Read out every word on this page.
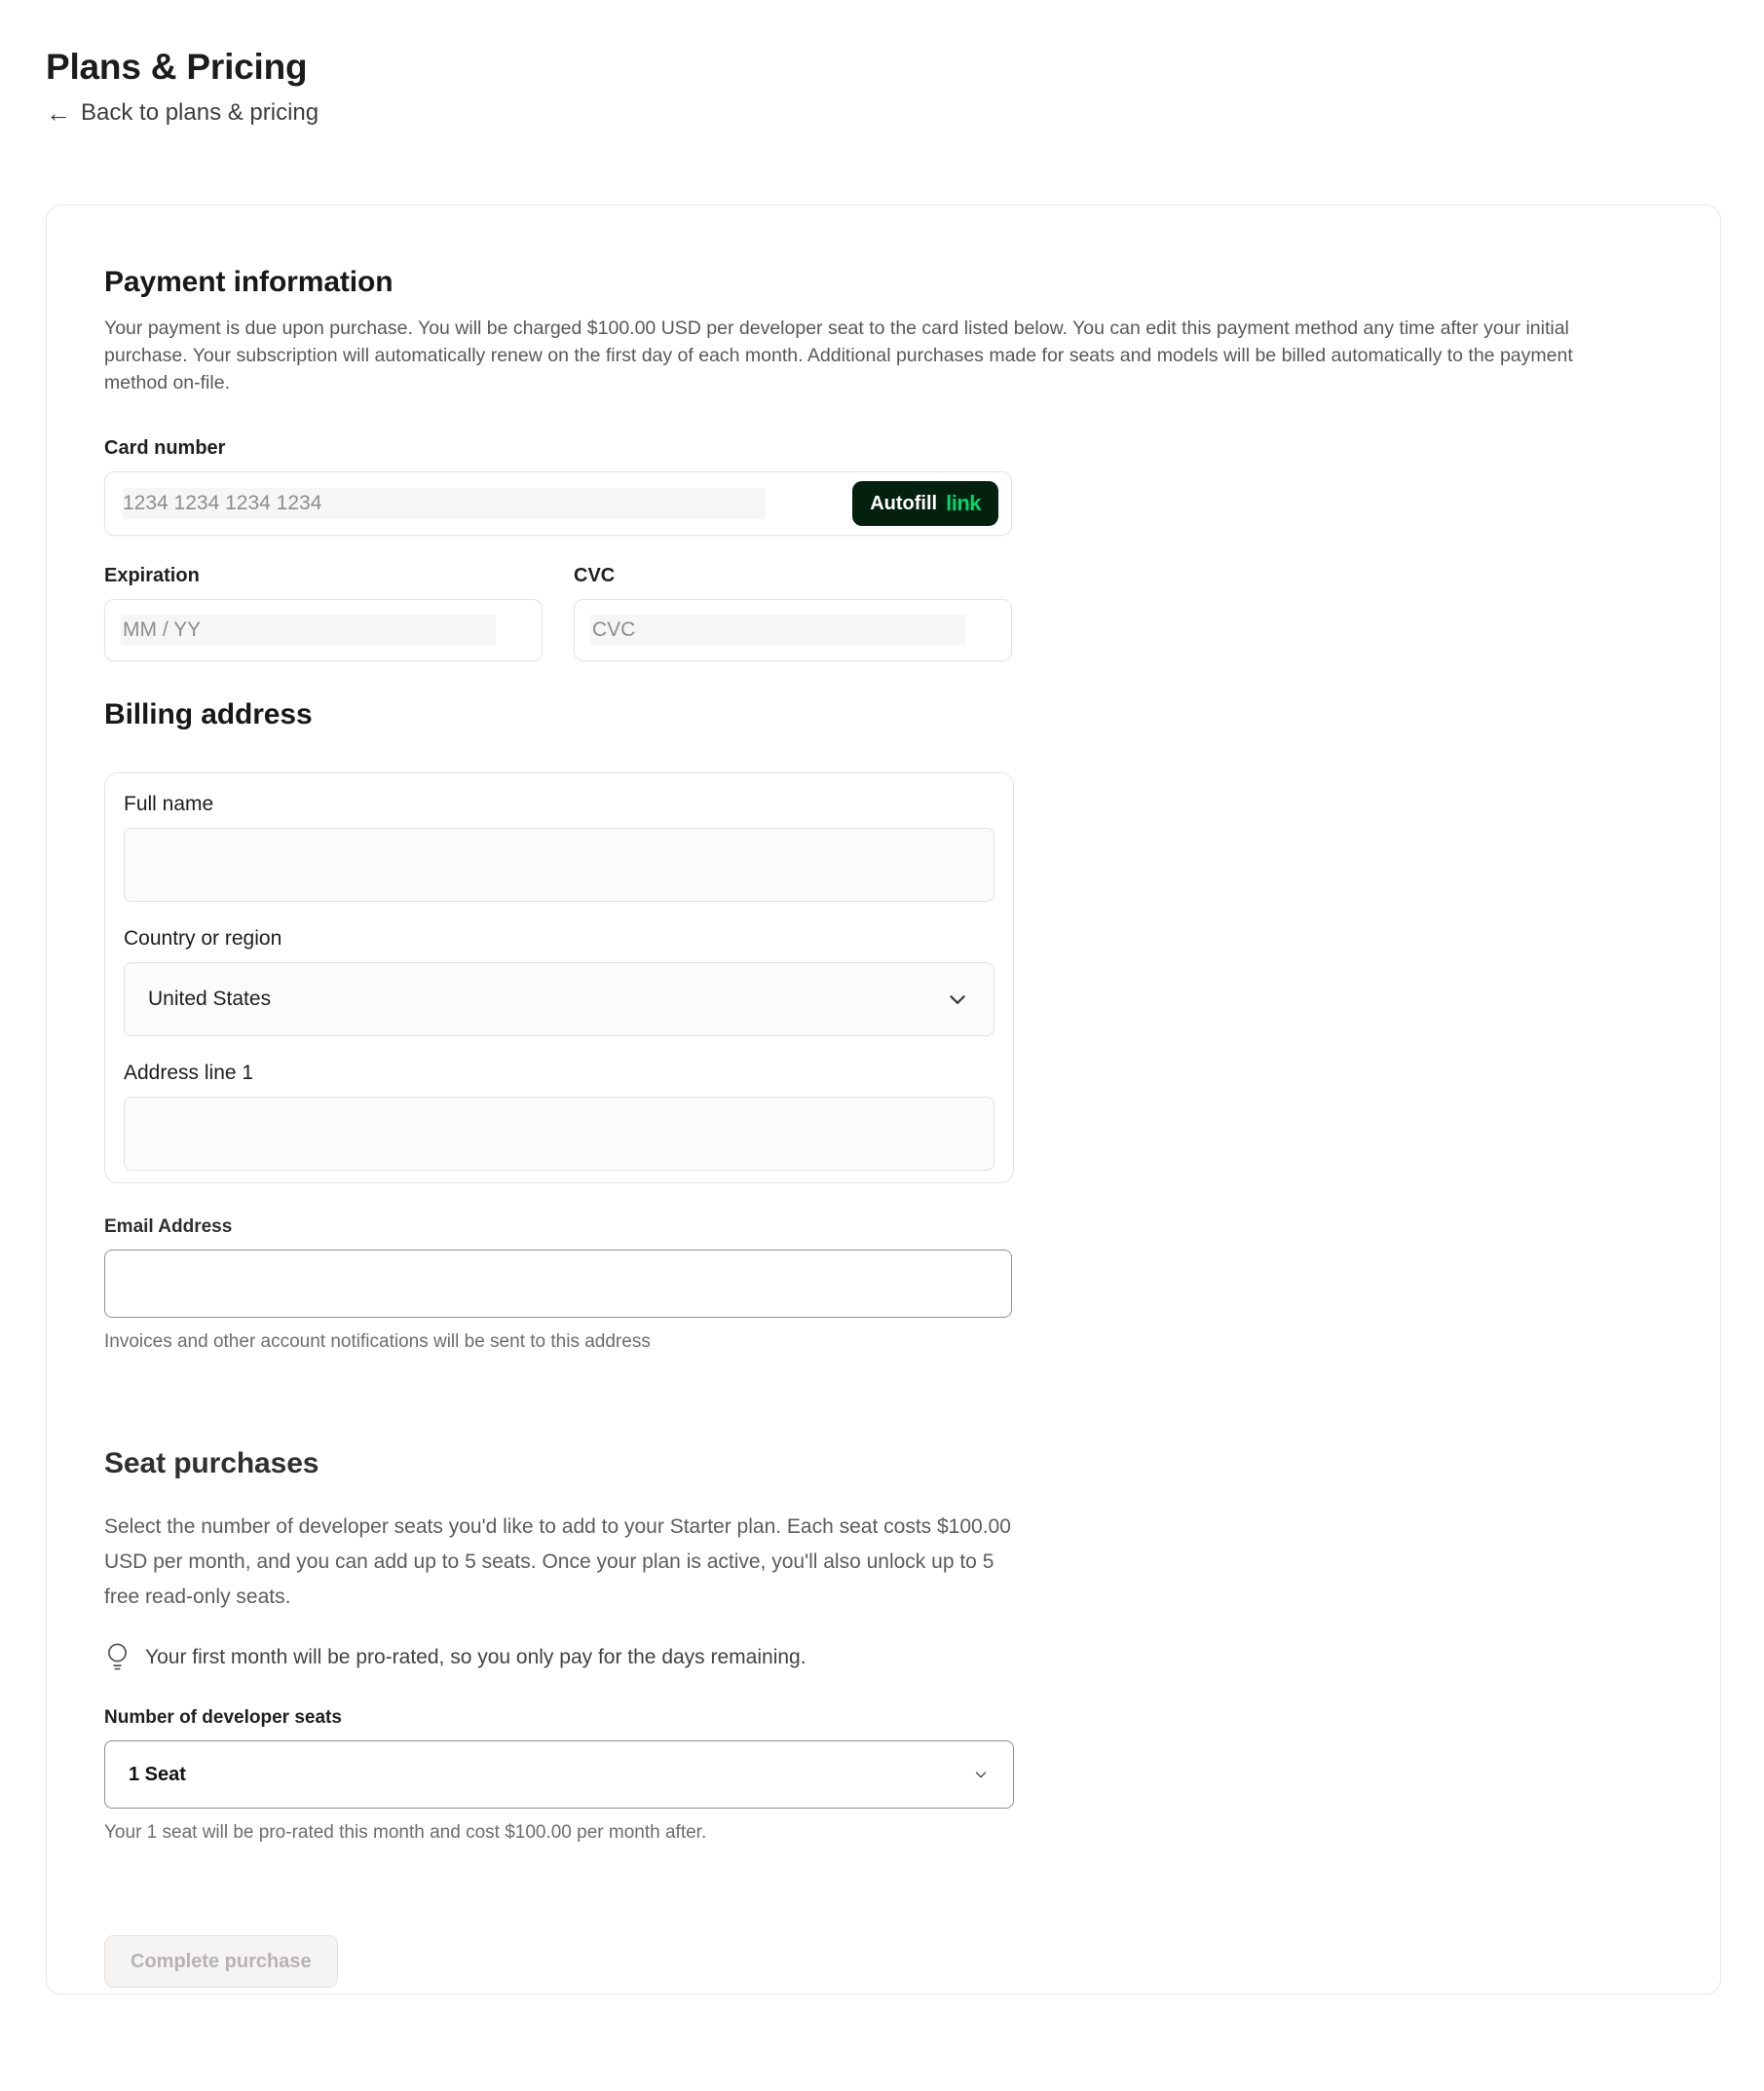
Plans & Pricing
← Back to plans & pricing
Payment information

Your payment is due upon purchase. You will be charged $100.00 USD per developer seat to the card listed below. You can edit this payment method any time after your initial purchase. Your subscription will automatically renew on the first day of each month. Additional purchases made for seats and models will be billed automatically to the payment method on-file.

Card number
1234 1234 1234 1234
Autofill link
Expiration
MM / YY	CVC
CVC
Billing address
Full name
Country or region
United States
Address line 1
Email Address
Invoices and other account notifications will be sent to this address
Seat purchases

Select the number of developer seats you'd like to add to your Starter plan. Each seat costs $100.00 USD per month, and you can add up to 5 seats. Once your plan is active, you'll also unlock up to 5 free read-only seats.

Your first month will be pro-rated, so you only pay for the days remaining.
Number of developer seats
1 Seat
Your 1 seat will be pro-rated this month and cost $100.00 per month after.
Complete purchase
